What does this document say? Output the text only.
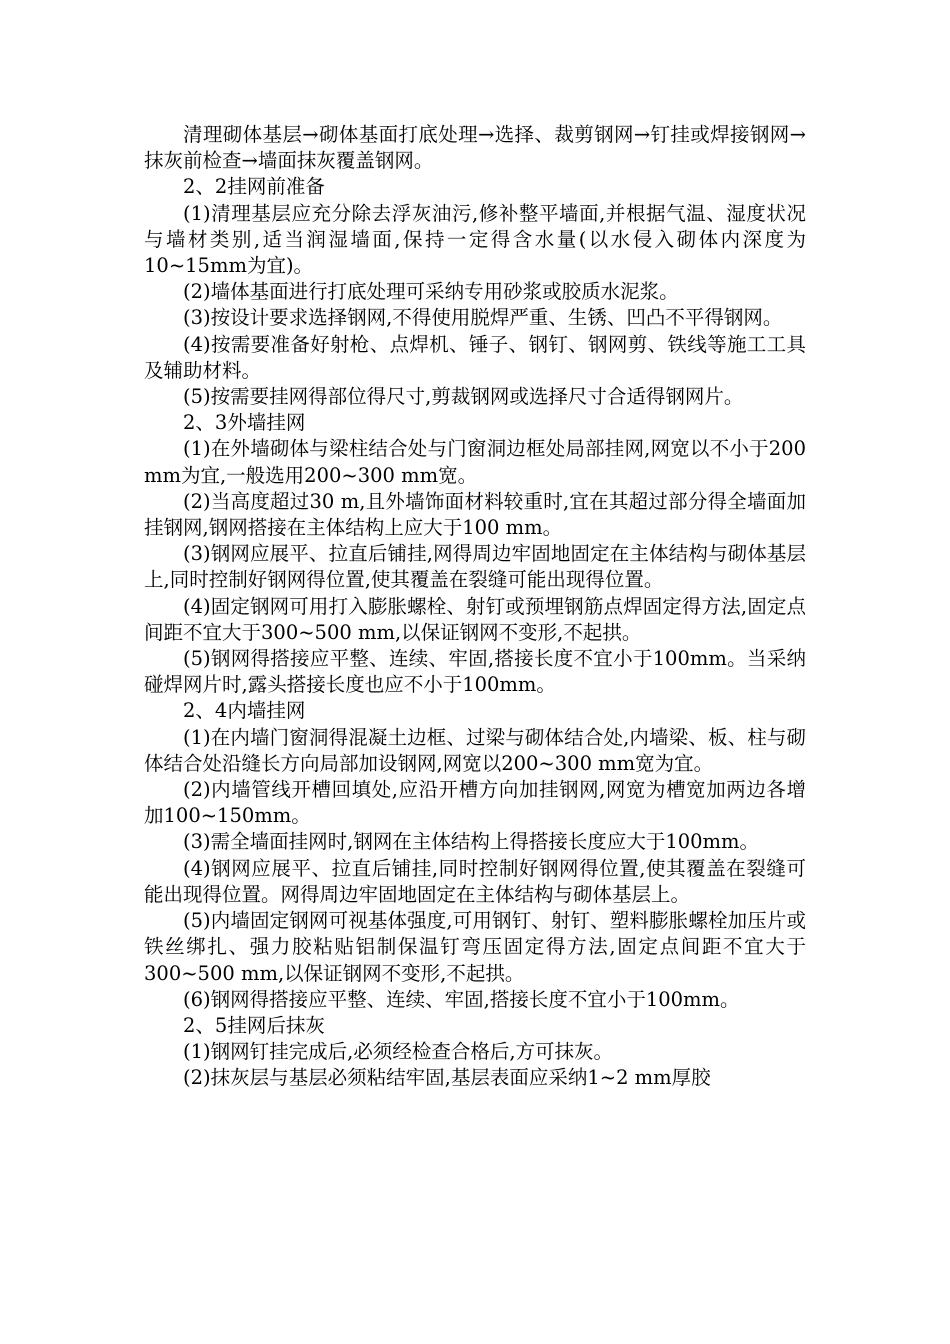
清理砌体基层→砌体基面打底处理→选择、裁剪钢网→钉挂或焊接钢网→抹灰前检查→墙面抹灰覆盖钢网。

2、2挂网前准备

(1)清理基层应充分除去浮灰油污,修补整平墙面,并根据气温、湿度状况与墙材类别,适当润湿墙面,保持一定得含水量(以水侵入砌体内深度为10~15mm为宜)。

(2)墙体基面进行打底处理可采纳专用砂浆或胶质水泥浆。

(3)按设计要求选择钢网,不得使用脱焊严重、生锈、凹凸不平得钢网。

(4)按需要准备好射枪、点焊机、锤子、钢钉、钢网剪、铁线等施工工具及辅助材料。

(5)按需要挂网得部位得尺寸,剪裁钢网或选择尺寸合适得钢网片。

2、3外墙挂网

(1)在外墙砌体与梁柱结合处与门窗洞边框处局部挂网,网宽以不小于200 mm为宜,一般选用200~300 mm宽。

(2)当高度超过30 m,且外墙饰面材料较重时,宜在其超过部分得全墙面加挂钢网,钢网搭接在主体结构上应大于100 mm。

(3)钢网应展平、拉直后铺挂,网得周边牢固地固定在主体结构与砌体基层上,同时控制好钢网得位置,使其覆盖在裂缝可能出现得位置。

(4)固定钢网可用打入膨胀螺栓、射钉或预埋钢筋点焊固定得方法,固定点间距不宜大于300~500 mm,以保证钢网不变形,不起拱。

(5)钢网得搭接应平整、连续、牢固,搭接长度不宜小于100mm。当采纳碰焊网片时,露头搭接长度也应不小于100mm。

2、4内墙挂网

(1)在内墙门窗洞得混凝土边框、过梁与砌体结合处,内墙梁、板、柱与砌体结合处沿缝长方向局部加设钢网,网宽以200~300 mm宽为宜。

(2)内墙管线开槽回填处,应沿开槽方向加挂钢网,网宽为槽宽加两边各增加100~150mm。

(3)需全墙面挂网时,钢网在主体结构上得搭接长度应大于100mm。

(4)钢网应展平、拉直后铺挂,同时控制好钢网得位置,使其覆盖在裂缝可能出现得位置。网得周边牢固地固定在主体结构与砌体基层上。

(5)内墙固定钢网可视基体强度,可用钢钉、射钉、塑料膨胀螺栓加压片或铁丝绑扎、强力胶粘贴铝制保温钉弯压固定得方法,固定点间距不宜大于300~500 mm,以保证钢网不变形,不起拱。

(6)钢网得搭接应平整、连续、牢固,搭接长度不宜小于100mm。

2、5挂网后抹灰

(1)钢网钉挂完成后,必须经检查合格后,方可抹灰。

(2)抹灰层与基层必须粘结牢固,基层表面应采纳1~2 mm厚胶
